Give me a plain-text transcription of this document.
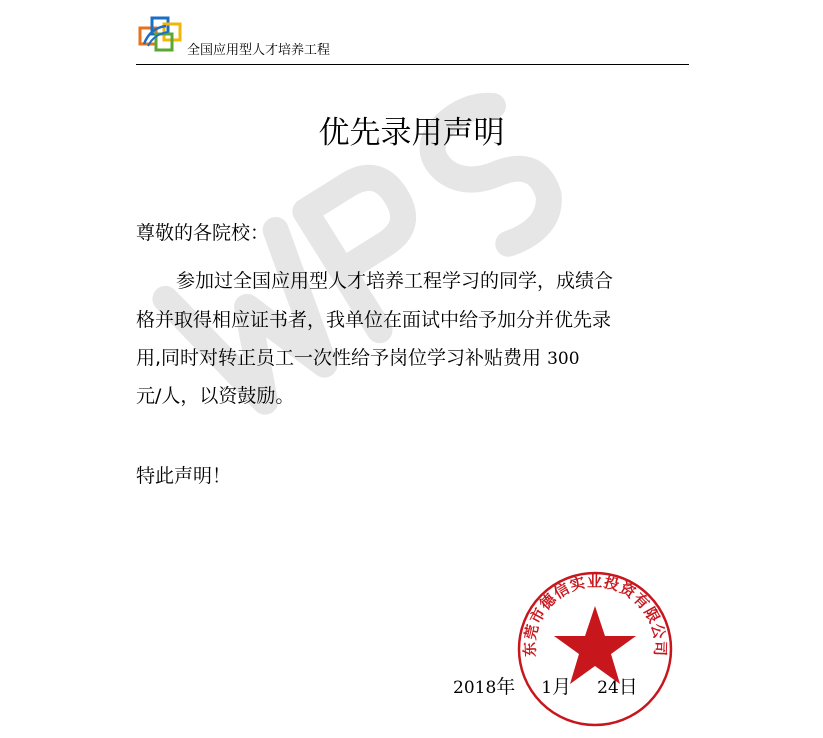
全国应用型人才培养工程
优先录用声明
尊敬的各院校：
参加过全国应用型人才培养工程学习的同学，成绩合
格并取得相应证书者，我单位在面试中给予加分并优先录
用,同时对转正员工一次性给予岗位学习补贴费用 300
元/人，以资鼓励。
特此声明！
东莞市德信实业投资有限公司
2018年 1月 24日
